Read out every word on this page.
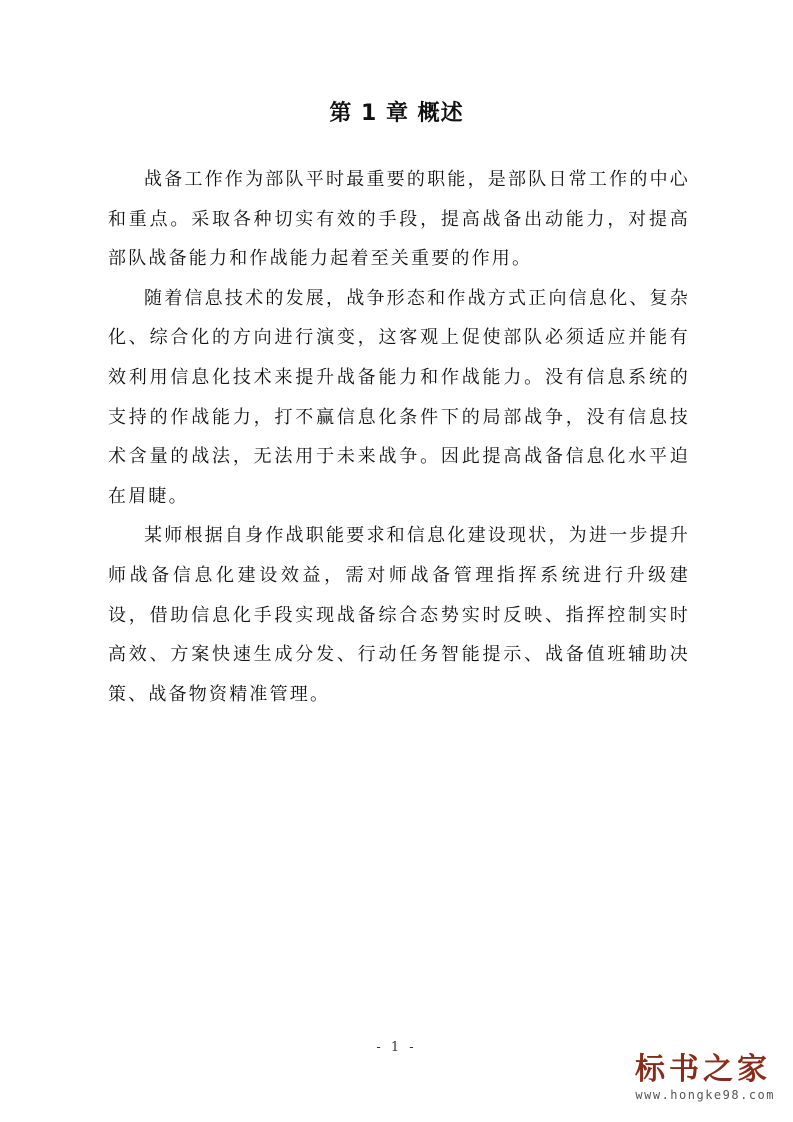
第 1 章 概述

战备工作作为部队平时最重要的职能，是部队日常工作的中心和重点。采取各种切实有效的手段，提高战备出动能力，对提高部队战备能力和作战能力起着至关重要的作用。

随着信息技术的发展，战争形态和作战方式正向信息化、复杂化、综合化的方向进行演变，这客观上促使部队必须适应并能有效利用信息化技术来提升战备能力和作战能力。没有信息系统的支持的作战能力，打不赢信息化条件下的局部战争，没有信息技术含量的战法，无法用于未来战争。因此提高战备信息化水平迫在眉睫。

某师根据自身作战职能要求和信息化建设现状，为进一步提升师战备信息化建设效益，需对师战备管理指挥系统进行升级建设，借助信息化手段实现战备综合态势实时反映、指挥控制实时高效、方案快速生成分发、行动任务智能提示、战备值班辅助决策、战备物资精准管理。

- 1 -
标书之家
www.hongke98.com
